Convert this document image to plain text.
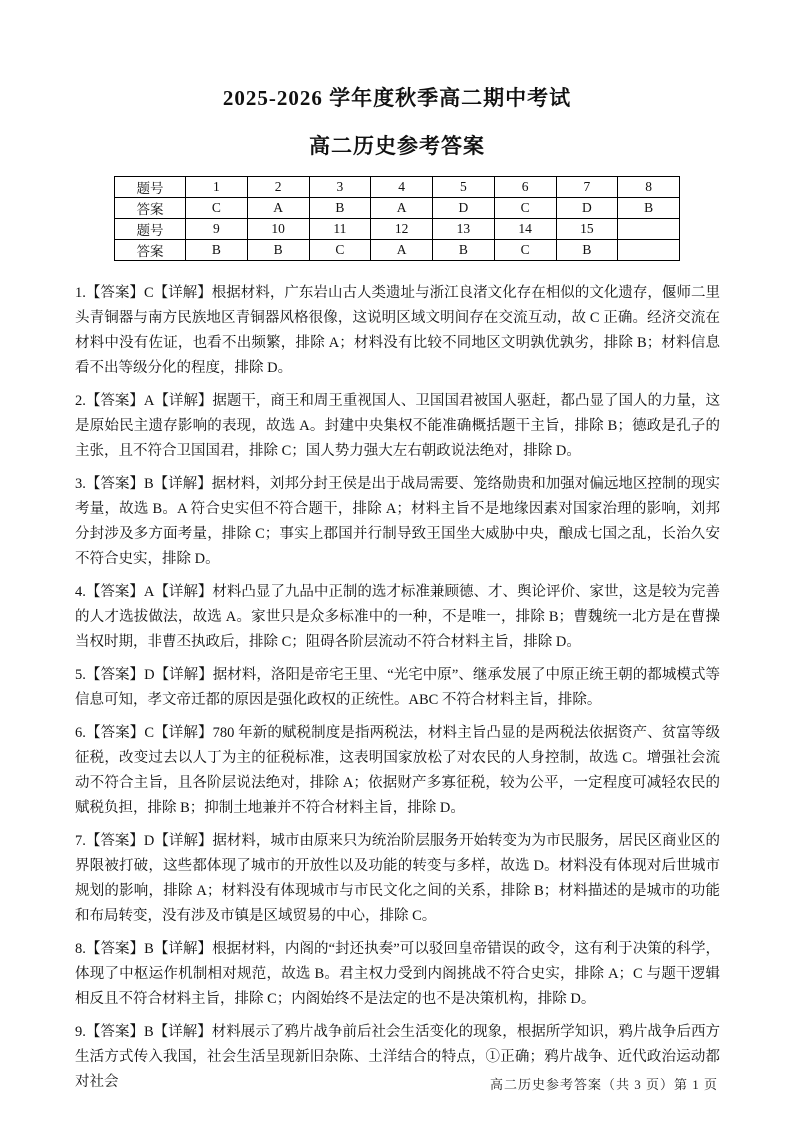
2025-2026 学年度秋季高二期中考试
高二历史参考答案
题号	1	2	3	4	5	6	7	8
答案	C	A	B	A	D	C	D	B
题号	9	10	11	12	13	14	15	
答案	B	B	C	A	B	C	B	

1.【答案】C【详解】根据材料，广东岩山古人类遗址与浙江良渚文化存在相似的文化遗存，偃师二里头青铜器与南方民族地区青铜器风格很像，这说明区域文明间存在交流互动，故 C 正确。经济交流在材料中没有佐证，也看不出频繁，排除 A；材料没有比较不同地区文明孰优孰劣，排除 B；材料信息看不出等级分化的程度，排除 D。

2.【答案】A【详解】据题干，商王和周王重视国人、卫国国君被国人驱赶，都凸显了国人的力量，这是原始民主遗存影响的表现，故选 A。封建中央集权不能准确概括题干主旨，排除 B；德政是孔子的主张，且不符合卫国国君，排除 C；国人势力强大左右朝政说法绝对，排除 D。

3.【答案】B【详解】据材料，刘邦分封王侯是出于战局需要、笼络勋贵和加强对偏远地区控制的现实考量，故选 B。A 符合史实但不符合题干，排除 A；材料主旨不是地缘因素对国家治理的影响，刘邦分封涉及多方面考量，排除 C；事实上郡国并行制导致王国坐大威胁中央，酿成七国之乱，长治久安不符合史实，排除 D。

4.【答案】A【详解】材料凸显了九品中正制的选才标准兼顾德、才、舆论评价、家世，这是较为完善的人才选拔做法，故选 A。家世只是众多标准中的一种，不是唯一，排除 B；曹魏统一北方是在曹操当权时期，非曹丕执政后，排除 C；阻碍各阶层流动不符合材料主旨，排除 D。

5.【答案】D【详解】据材料，洛阳是帝宅王里、“光宅中原”、继承发展了中原正统王朝的都城模式等信息可知，孝文帝迁都的原因是强化政权的正统性。ABC 不符合材料主旨，排除。

6.【答案】C【详解】780 年新的赋税制度是指两税法，材料主旨凸显的是两税法依据资产、贫富等级征税，改变过去以人丁为主的征税标准，这表明国家放松了对农民的人身控制，故选 C。增强社会流动不符合主旨，且各阶层说法绝对，排除 A；依据财产多寡征税，较为公平，一定程度可减轻农民的赋税负担，排除 B；抑制土地兼并不符合材料主旨，排除 D。

7.【答案】D【详解】据材料，城市由原来只为统治阶层服务开始转变为为市民服务，居民区商业区的界限被打破，这些都体现了城市的开放性以及功能的转变与多样，故选 D。材料没有体现对后世城市规划的影响，排除 A；材料没有体现城市与市民文化之间的关系，排除 B；材料描述的是城市的功能和布局转变，没有涉及市镇是区域贸易的中心，排除 C。

8.【答案】B【详解】根据材料，内阁的“封还执奏”可以驳回皇帝错误的政令，这有利于决策的科学，体现了中枢运作机制相对规范，故选 B。君主权力受到内阁挑战不符合史实，排除 A；C 与题干逻辑相反且不符合材料主旨，排除 C；内阁始终不是法定的也不是决策机构，排除 D。

9.【答案】B【详解】材料展示了鸦片战争前后社会生活变化的现象，根据所学知识，鸦片战争后西方生活方式传入我国，社会生活呈现新旧杂陈、土洋结合的特点，①正确；鸦片战争、近代政治运动都对社会	高二历史参考答案（共 3 页）第 1 页
